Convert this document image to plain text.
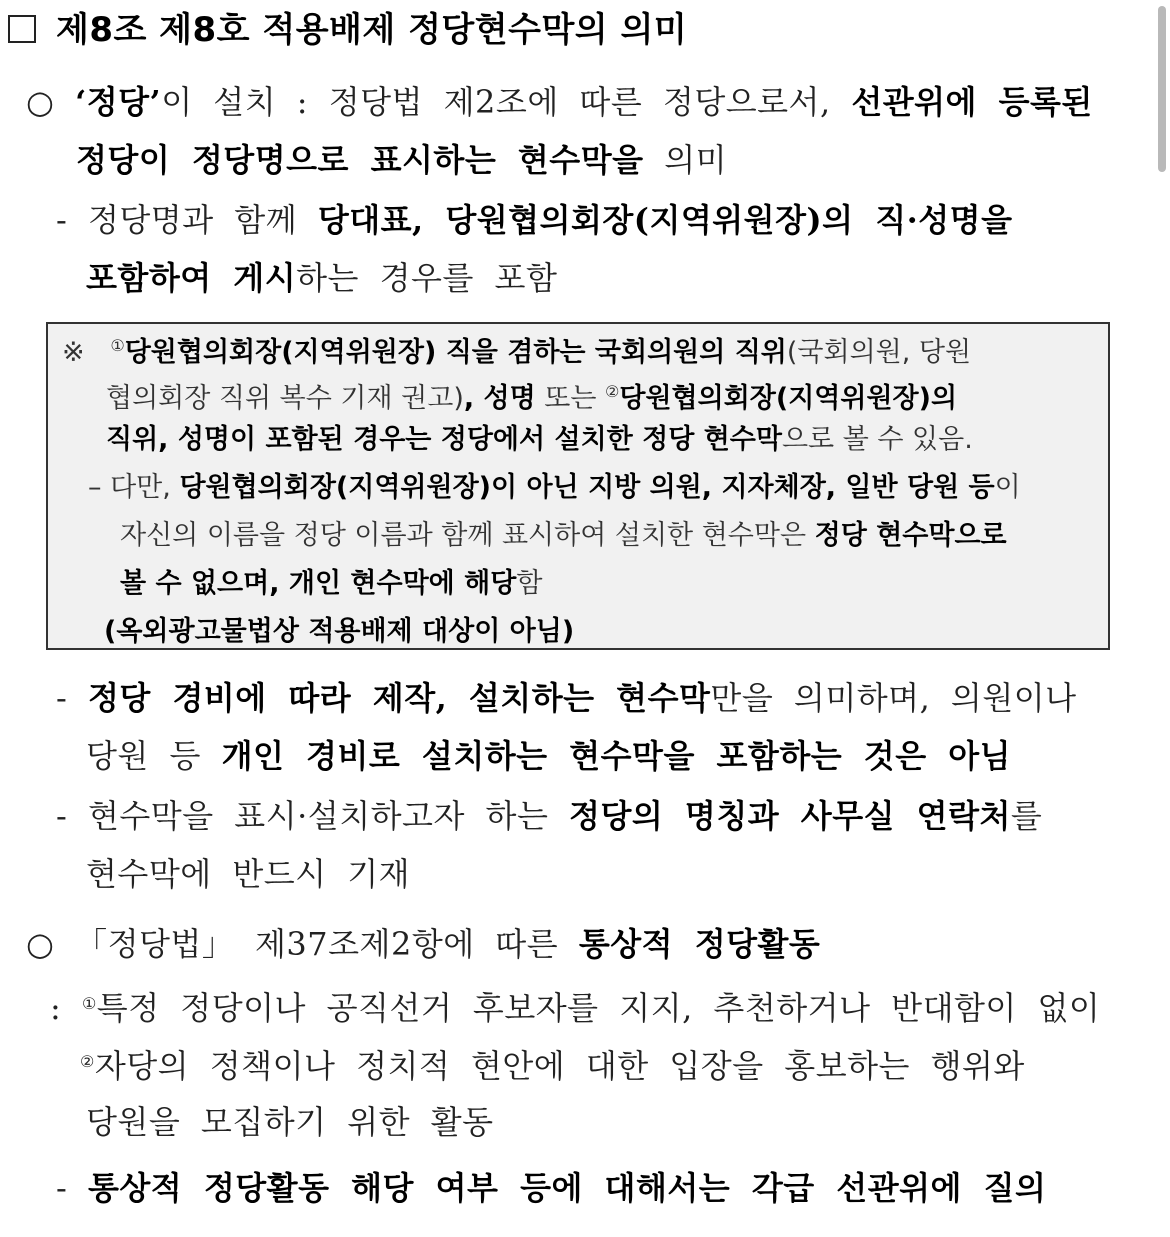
제8조 제8호 적용배제 정당현수막의 의미
○ ‘정당’이 설치 : 정당법 제2조에 따른 정당으로서, 선관위에 등록된
정당이 정당명으로 표시하는 현수막을 의미
- 정당명과 함께 당대표, 당원협의회장(지역위원장)의 직·성명을
포함하여 게시하는 경우를 포함
※ ①당원협의회장(지역위원장) 직을 겸하는 국회의원의 직위(국회의원, 당원
협의회장 직위 복수 기재 권고), 성명 또는 ②당원협의회장(지역위원장)의
직위, 성명이 포함된 경우는 정당에서 설치한 정당 현수막으로 볼 수 있음.
– 다만, 당원협의회장(지역위원장)이 아닌 지방 의원, 지자체장, 일반 당원 등이
자신의 이름을 정당 이름과 함께 표시하여 설치한 현수막은 정당 현수막으로
볼 수 없으며, 개인 현수막에 해당함
(옥외광고물법상 적용배제 대상이 아님)
- 정당 경비에 따라 제작, 설치하는 현수막만을 의미하며, 의원이나
당원 등 개인 경비로 설치하는 현수막을 포함하는 것은 아님
- 현수막을 표시·설치하고자 하는 정당의 명칭과 사무실 연락처를
현수막에 반드시 기재
○ 「정당법」 제37조제2항에 따른 통상적 정당활동
: ①특정 정당이나 공직선거 후보자를 지지, 추천하거나 반대함이 없이
②자당의 정책이나 정치적 현안에 대한 입장을 홍보하는 행위와
당원을 모집하기 위한 활동
- 통상적 정당활동 해당 여부 등에 대해서는 각급 선관위에 질의
